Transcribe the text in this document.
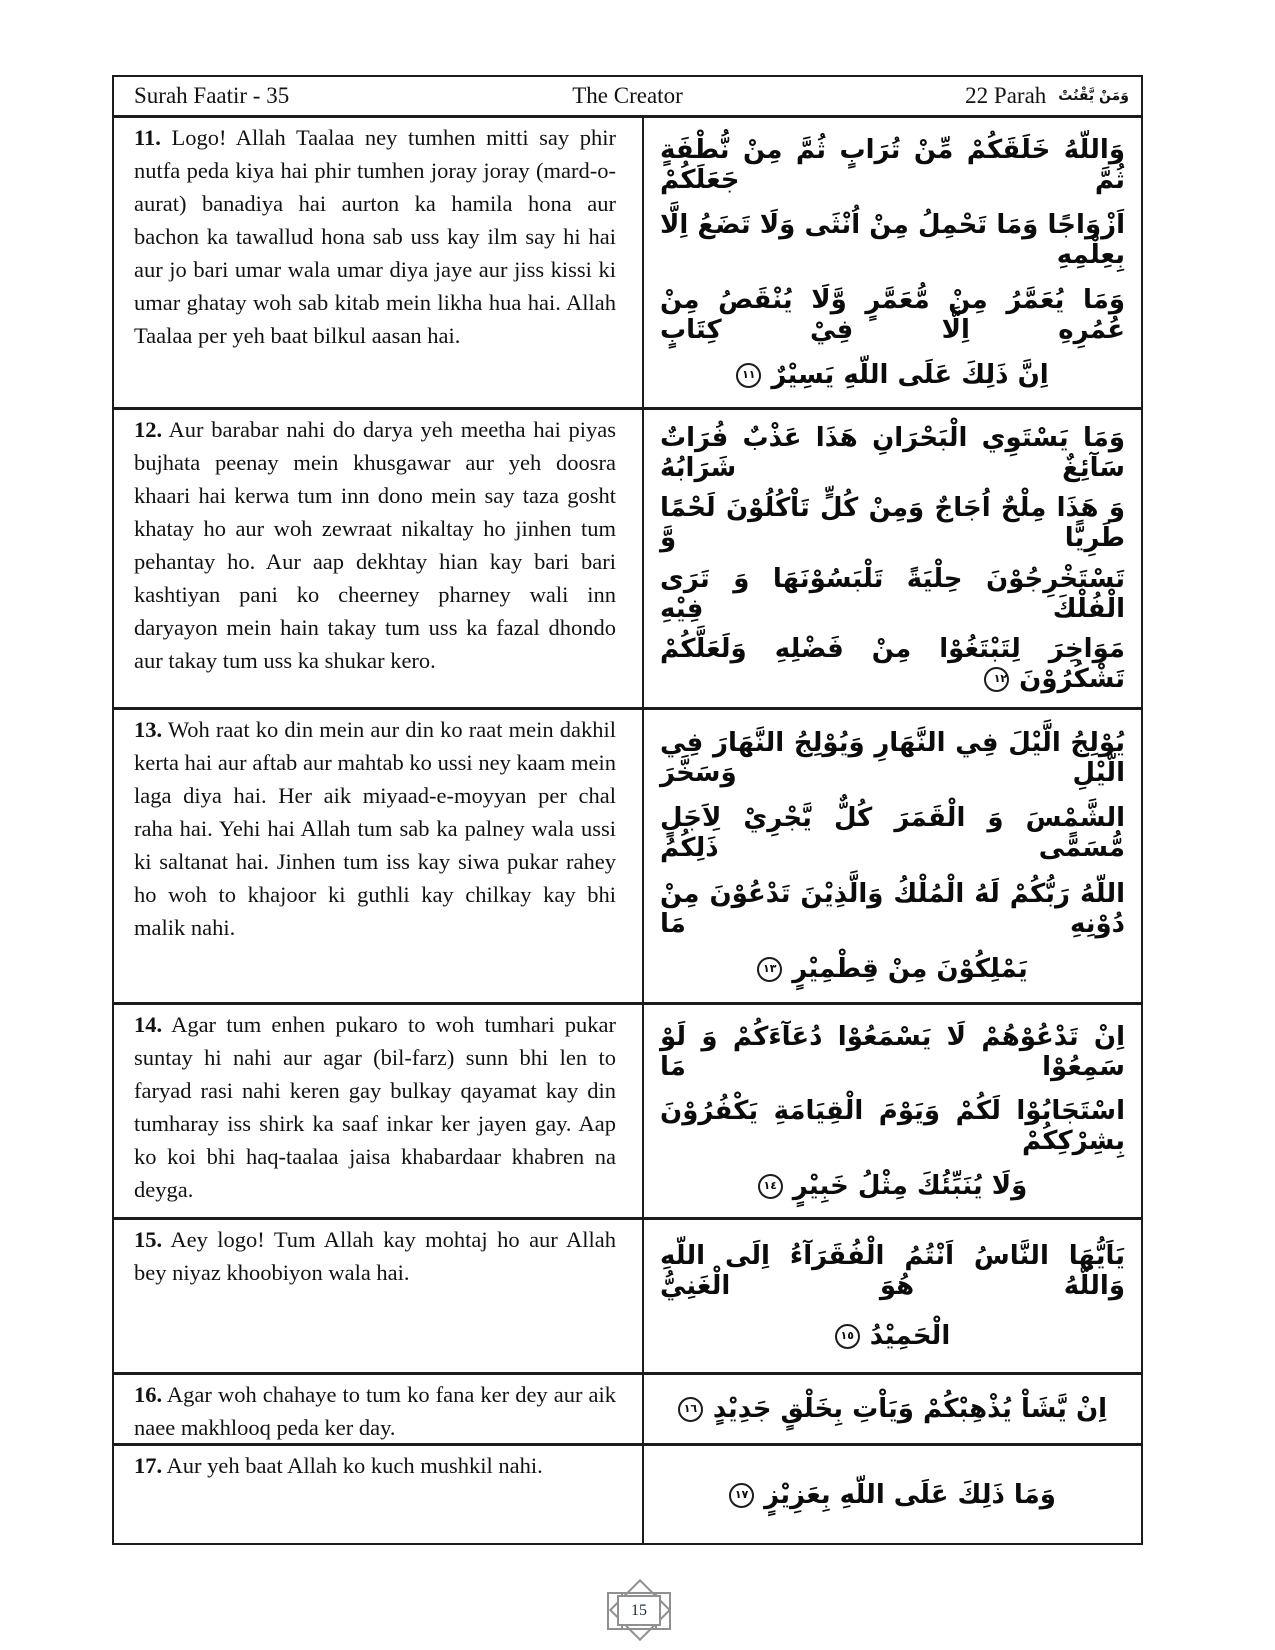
The Creator
Surah Faatir - 35	22 Parah وَمَنْ يَّقْنُتْ
11. Logo! Allah Taalaa ney tumhen mitti say phir nutfa peda kiya hai phir tumhen joray joray (mard-o-aurat) banadiya hai aurton ka hamila hona aur bachon ka tawallud hona sab uss kay ilm say hi hai aur jo bari umar wala umar diya jaye aur jiss kissi ki umar ghatay woh sab kitab mein likha hua hai. Allah Taalaa per yeh baat bilkul aasan hai.
وَاللّهُ خَلَقَكُمْ مِّنْ تُرَابٍ ثُمَّ مِنْ نُّطْفَةٍ ثُمَّ جَعَلَكُمْ
اَزْوَاجًا وَمَا تَحْمِلُ مِنْ اُنْثَى وَلَا تَضَعُ اِلَّا بِعِلْمِهِ
وَمَا يُعَمَّرُ مِنْ مُّعَمَّرٍ وَّلَا يُنْقَصُ مِنْ عُمُرِهِ اِلَّا فِيْ كِتَابٍ
اِنَّ ذَلِكَ عَلَى اللّهِ يَسِيْرٌ١١
12. Aur barabar nahi do darya yeh meetha hai piyas bujhata peenay mein khusgawar aur yeh doosra khaari hai kerwa tum inn dono mein say taza gosht khatay ho aur woh zewraat nikaltay ho jinhen tum pehantay ho. Aur aap dekhtay hian kay bari bari kashtiyan pani ko cheerney pharney wali inn daryayon mein hain takay tum uss ka fazal dhondo aur takay tum uss ka shukar kero.
وَمَا يَسْتَوِي الْبَحْرَانِ هَذَا عَذْبٌ فُرَاتٌ سَآئِغٌ شَرَابُهُ
وَ هَذَا مِلْحٌ اُجَاجٌ وَمِنْ كُلٍّ تَاْكُلُوْنَ لَحْمًا طَرِيًّا وَّ
تَسْتَخْرِجُوْنَ حِلْيَةً تَلْبَسُوْنَهَا وَ تَرَى الْفُلْكَ فِيْهِ
مَوَاخِرَ لِتَبْتَغُوْا مِنْ فَضْلِهِ وَلَعَلَّكُمْ تَشْكُرُوْنَ١٢
13. Woh raat ko din mein aur din ko raat mein dakhil kerta hai aur aftab aur mahtab ko ussi ney kaam mein laga diya hai. Her aik miyaad-e-moyyan per chal raha hai. Yehi hai Allah tum sab ka palney wala ussi ki saltanat hai. Jinhen tum iss kay siwa pukar rahey ho woh to khajoor ki guthli kay chilkay kay bhi malik nahi.
يُوْلِجُ الَّيْلَ فِي النَّهَارِ وَيُوْلِجُ النَّهَارَ فِي الَّيْلِ وَسَخَّرَ
الشَّمْسَ وَ الْقَمَرَ كُلٌّ يَّجْرِيْ لِاَجَلٍ مُّسَمًّى ذَلِكُمُ
اللّهُ رَبُّكُمْ لَهُ الْمُلْكُ وَالَّذِيْنَ تَدْعُوْنَ مِنْ دُوْنِهِ مَا
يَمْلِكُوْنَ مِنْ قِطْمِيْرٍ١٣
14. Agar tum enhen pukaro to woh tumhari pukar suntay hi nahi aur agar (bil-farz) sunn bhi len to faryad rasi nahi keren gay bulkay qayamat kay din tumharay iss shirk ka saaf inkar ker jayen gay. Aap ko koi bhi haq-taalaa jaisa khabardaar khabren na deyga.
اِنْ تَدْعُوْهُمْ لَا يَسْمَعُوْا دُعَآءَكُمْ وَ لَوْ سَمِعُوْا مَا
اسْتَجَابُوْا لَكُمْ وَيَوْمَ الْقِيَامَةِ يَكْفُرُوْنَ بِشِرْكِكُمْ
وَلَا يُنَبِّئُكَ مِثْلُ خَبِيْرٍ١٤
15. Aey logo! Tum Allah kay mohtaj ho aur Allah bey niyaz khoobiyon wala hai.
يَاَيُّهَا النَّاسُ اَنْتُمُ الْفُقَرَآءُ اِلَى اللّهِ وَاللّهُ هُوَ الْغَنِيُّ
الْحَمِيْدُ١٥
16. Agar woh chahaye to tum ko fana ker dey aur aik naee makhlooq peda ker day.
اِنْ يَّشَاْ يُذْهِبْكُمْ وَيَاْتِ بِخَلْقٍ جَدِيْدٍ١٦
17. Aur yeh baat Allah ko kuch mushkil nahi.
وَمَا ذَلِكَ عَلَى اللّهِ بِعَزِيْزٍ١٧
15
